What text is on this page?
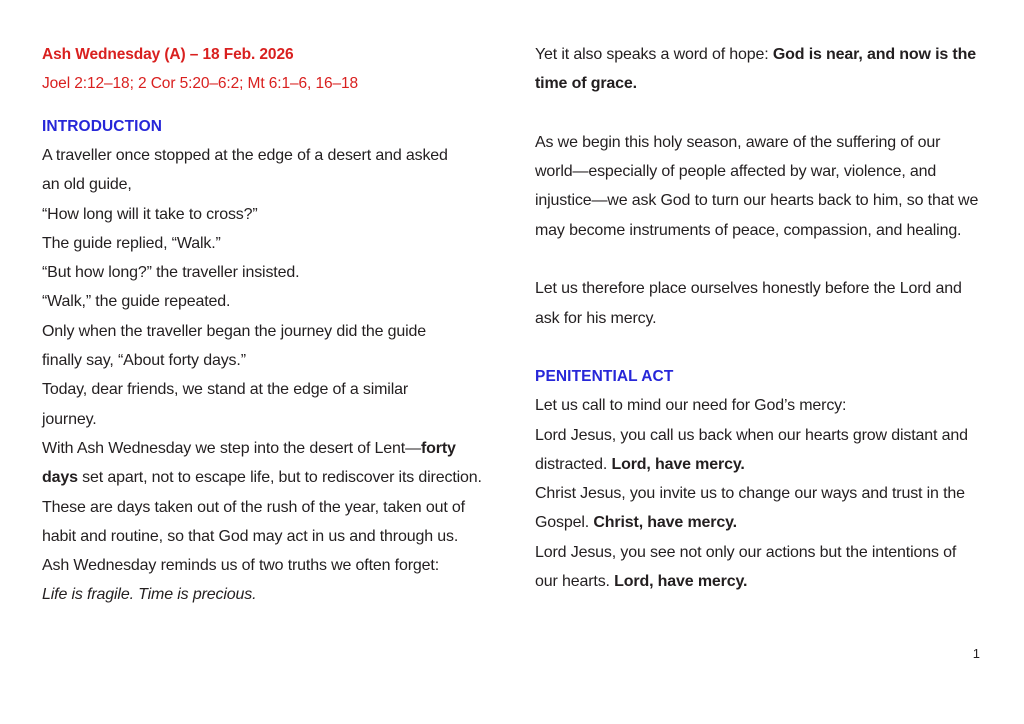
Ash Wednesday (A) – 18 Feb. 2026
Joel 2:12–18; 2 Cor 5:20–6:2; Mt 6:1–6, 16–18
INTRODUCTION
A traveller once stopped at the edge of a desert and asked
an old guide,
“How long will it take to cross?”
The guide replied, “Walk.”
“But how long?” the traveller insisted.
“Walk,” the guide repeated.
Only when the traveller began the journey did the guide
finally say, “About forty days.”
Today, dear friends, we stand at the edge of a similar
journey.

With Ash Wednesday we step into the desert of Lent—forty days set apart, not to escape life, but to rediscover its direction. These are days taken out of the rush of the year, taken out of habit and routine, so that God may act in us and through us.

Ash Wednesday reminds us of two truths we often forget:
Life is fragile. Time is precious.

Yet it also speaks a word of hope: God is near, and now is the time of grace.

As we begin this holy season, aware of the suffering of our world—especially of people affected by war, violence, and injustice—we ask God to turn our hearts back to him, so that we may become instruments of peace, compassion, and healing.

Let us therefore place ourselves honestly before the Lord and ask for his mercy.

PENITENTIAL ACT
Let us call to mind our need for God’s mercy:

Lord Jesus, you call us back when our hearts grow distant and distracted. Lord, have mercy.

Christ Jesus, you invite us to change our ways and trust in the Gospel. Christ, have mercy.

Lord Jesus, you see not only our actions but the intentions of our hearts. Lord, have mercy.

1
